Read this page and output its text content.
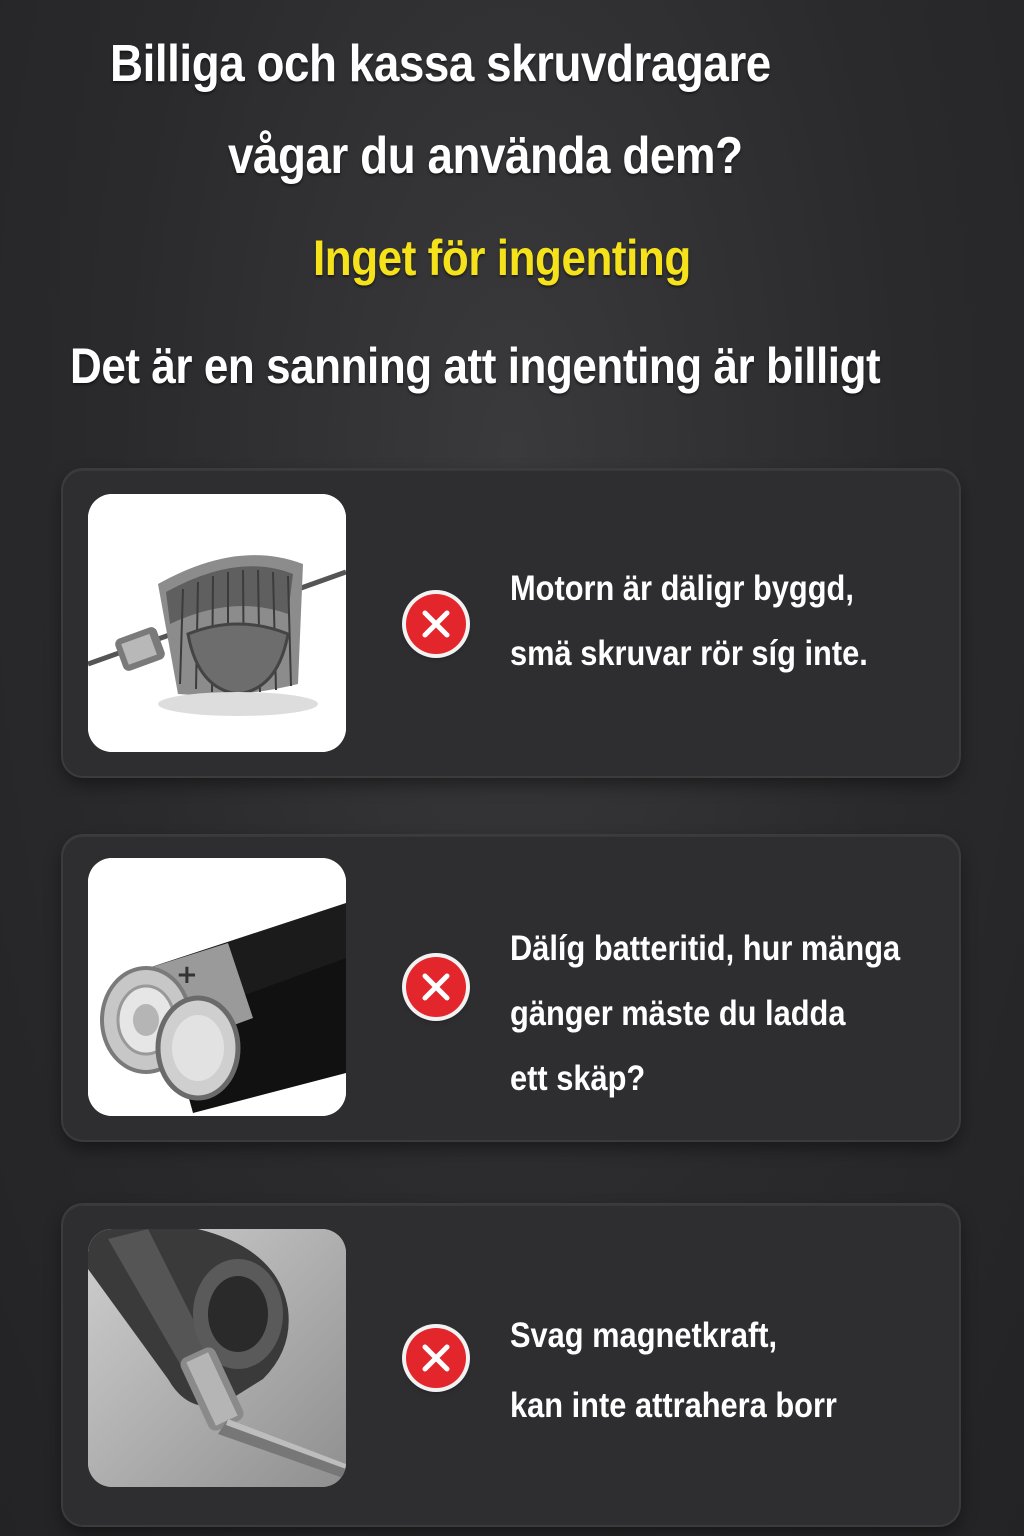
Billiga och kassa skruvdragare
vågar du använda dem?
Inget för ingenting
Det är en sanning att ingenting är billigt
Motorn är däligr byggd,
smä skruvar rör síg inte.
+
Dälíg batteritid, hur mänga
gänger mäste du ladda
ett skäp?
Svag magnetkraft,
kan inte attrahera borr
